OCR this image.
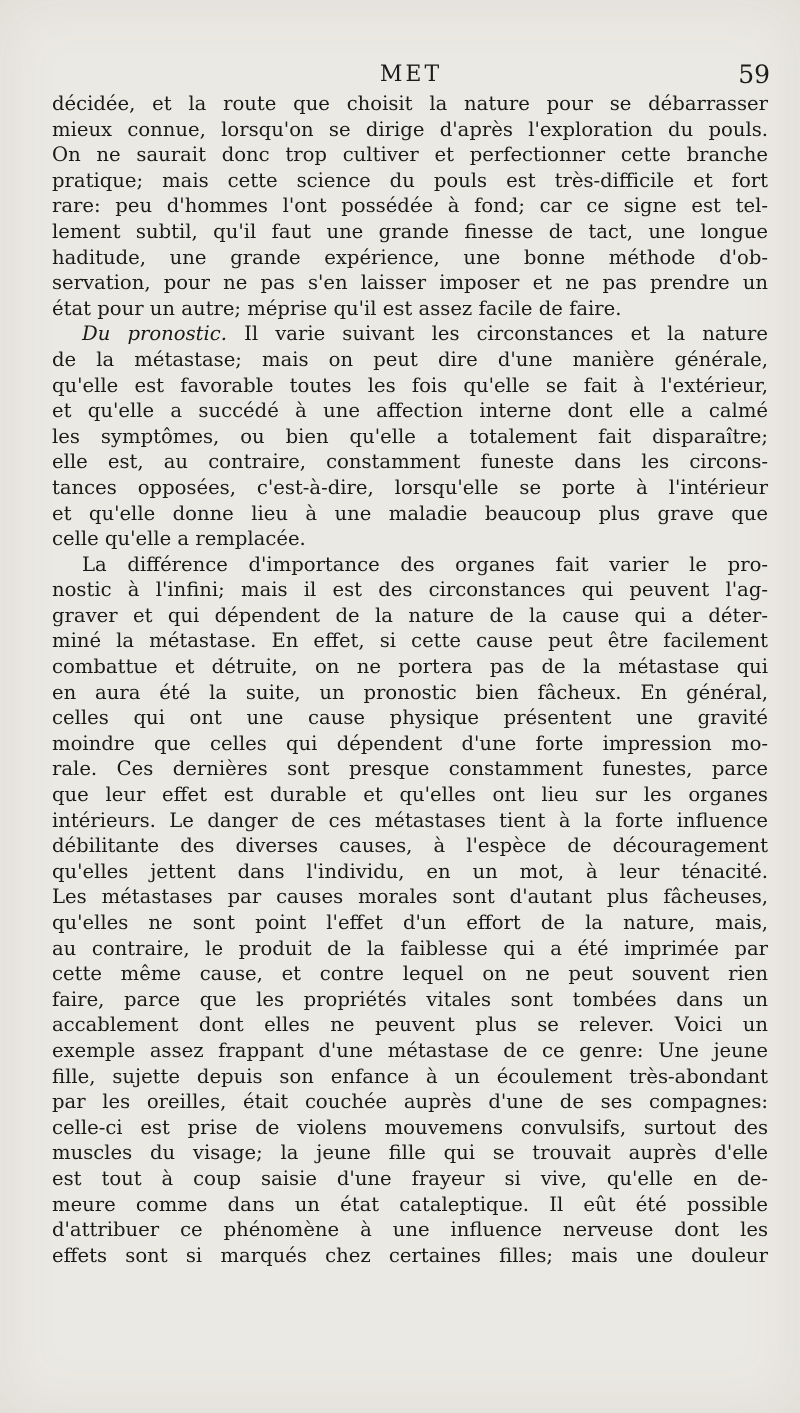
MET	59
décidée, et la route que choisit la nature pour se débarrasser
mieux connue, lorsqu'on se dirige d'après l'exploration du pouls.
On ne saurait donc trop cultiver et perfectionner cette branche
pratique; mais cette science du pouls est très-difficile et fort
rare: peu d'hommes l'ont possédée à fond; car ce signe est tel-
lement subtil, qu'il faut une grande finesse de tact, une longue
haditude, une grande expérience, une bonne méthode d'ob-
servation, pour ne pas s'en laisser imposer et ne pas prendre un
état pour un autre; méprise qu'il est assez facile de faire.
Du pronostic. Il varie suivant les circonstances et la nature
de la métastase; mais on peut dire d'une manière générale,
qu'elle est favorable toutes les fois qu'elle se fait à l'extérieur,
et qu'elle a succédé à une affection interne dont elle a calmé
les symptômes, ou bien qu'elle a totalement fait disparaître;
elle est, au contraire, constamment funeste dans les circons-
tances opposées, c'est-à-dire, lorsqu'elle se porte à l'intérieur
et qu'elle donne lieu à une maladie beaucoup plus grave que
celle qu'elle a remplacée.
La différence d'importance des organes fait varier le pro-
nostic à l'infini; mais il est des circonstances qui peuvent l'ag-
graver et qui dépendent de la nature de la cause qui a déter-
miné la métastase. En effet, si cette cause peut être facilement
combattue et détruite, on ne portera pas de la métastase qui
en aura été la suite, un pronostic bien fâcheux. En général,
celles qui ont une cause physique présentent une gravité
moindre que celles qui dépendent d'une forte impression mo-
rale. Ces dernières sont presque constamment funestes, parce
que leur effet est durable et qu'elles ont lieu sur les organes
intérieurs. Le danger de ces métastases tient à la forte influence
débilitante des diverses causes, à l'espèce de découragement
qu'elles jettent dans l'individu, en un mot, à leur ténacité.
Les métastases par causes morales sont d'autant plus fâcheuses,
qu'elles ne sont point l'effet d'un effort de la nature, mais,
au contraire, le produit de la faiblesse qui a été imprimée par
cette même cause, et contre lequel on ne peut souvent rien
faire, parce que les propriétés vitales sont tombées dans un
accablement dont elles ne peuvent plus se relever. Voici un
exemple assez frappant d'une métastase de ce genre: Une jeune
fille, sujette depuis son enfance à un écoulement très-abondant
par les oreilles, était couchée auprès d'une de ses compagnes:
celle-ci est prise de violens mouvemens convulsifs, surtout des
muscles du visage; la jeune fille qui se trouvait auprès d'elle
est tout à coup saisie d'une frayeur si vive, qu'elle en de-
meure comme dans un état cataleptique. Il eût été possible
d'attribuer ce phénomène à une influence nerveuse dont les
effets sont si marqués chez certaines filles; mais une douleur
